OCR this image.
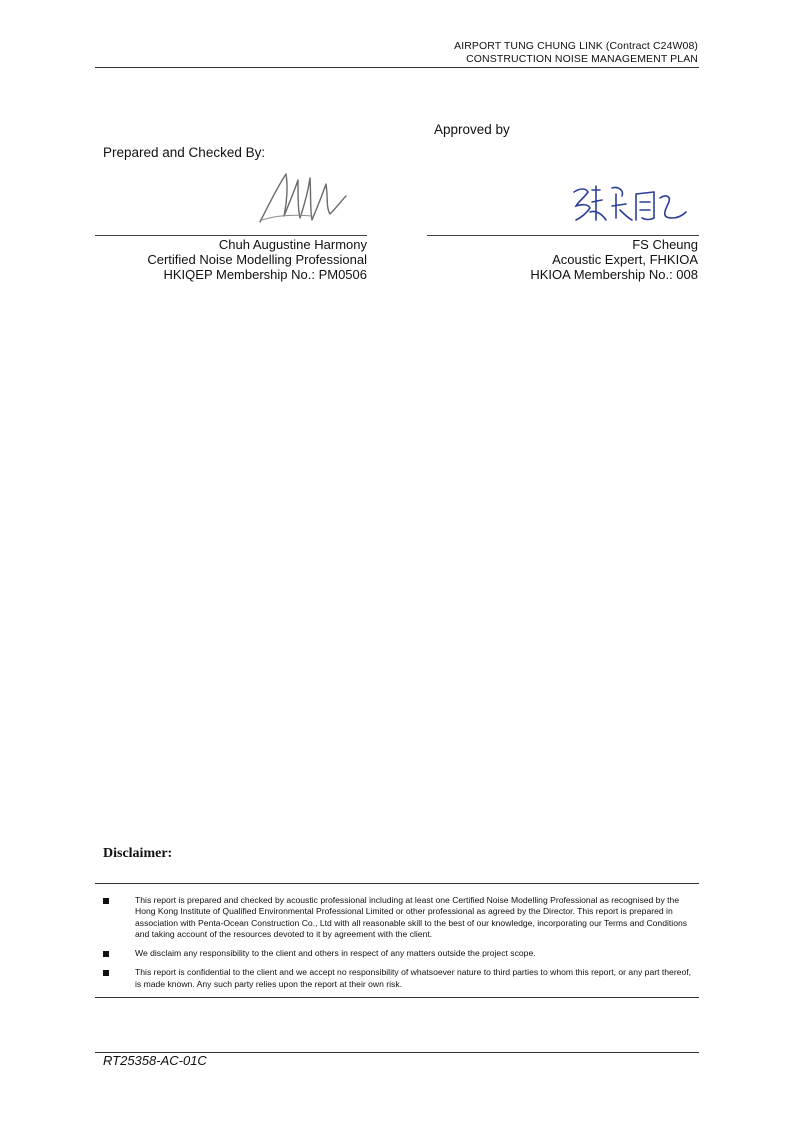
AIRPORT TUNG CHUNG LINK (Contract C24W08)
CONSTRUCTION NOISE MANAGEMENT PLAN
Approved by
Prepared and Checked By:
Chuh Augustine Harmony
Certified Noise Modelling Professional
HKIQEP Membership No.: PM0506
FS Cheung
Acoustic Expert, FHKIOA
HKIOA Membership No.: 008
Disclaimer:
This report is prepared and checked by acoustic professional including at least one Certified Noise Modelling Professional as recognised by the Hong Kong Institute of Qualified Environmental Professional Limited or other professional as agreed by the Director. This report is prepared in association with Penta-Ocean Construction Co., Ltd with all reasonable skill to the best of our knowledge, incorporating our Terms and Conditions and taking account of the resources devoted to it by agreement with the client.
We disclaim any responsibility to the client and others in respect of any matters outside the project scope.
This report is confidential to the client and we accept no responsibility of whatsoever nature to third parties to whom this report, or any part thereof, is made known. Any such party relies upon the report at their own risk.
RT25358-AC-01C
